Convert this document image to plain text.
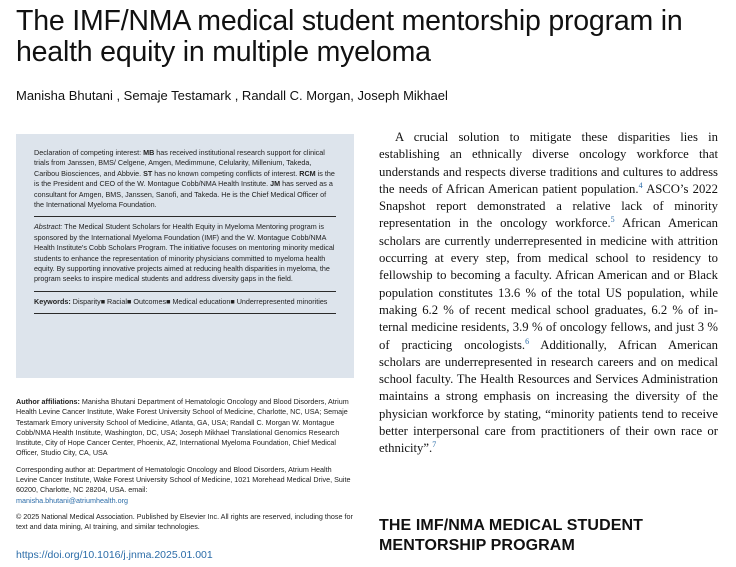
The IMF/NMA medical student mentorship program in health equity in multiple myeloma
Manisha Bhutani , Semaje Testamark , Randall C. Morgan, Joseph Mikhael

Declaration of competing interest: MB has received institutional research support for clinical trials from Janssen, BMS/ Celgene, Amgen, Medimmune, Celularity, Millenium, Takeda, Caribou Biosciences, and Abbvie. ST has no known competing conflicts of interest. RCM is the is the President and CEO of the W. Montague Cobb/NMA Health Institute. JM has served as a consultant for Amgen, BMS, Janssen, Sanofi, and Takeda. He is the Chief Medical Officer of the International Myeloma Foundation.

Abstract: The Medical Student Scholars for Health Equity in Myeloma Mentoring program is sponsored by the International Myeloma Foundation (IMF) and the W. Montague Cobb/NMA Health Institute's Cobb Scholars Program. The initiative focuses on mentoring minority medical students to enhance the representation of minority physicians committed to myeloma health equity. By supporting innovative projects aimed at reducing health disparities in myeloma, the program seeks to inspire medical students and address diversity gaps in the field.

Keywords: Disparity■ Racial■ Outcomes■ Medical education■ Underrepresented minorities

Author affiliations: Manisha Bhutani Department of Hematologic Oncology and Blood Disorders, Atrium Health Levine Cancer Institute, Wake Forest University School of Medicine, Charlotte, NC, USA; Semaje Testamark Emory university School of Medicine, Atlanta, GA, USA; Randall C. Morgan W. Montague Cobb/NMA Health Institute, Washington, DC, USA; Joseph Mikhael Translational Genomics Research Institute, City of Hope Cancer Center, Phoenix, AZ, International Myeloma Foundation, Chief Medical Officer, Studio City, CA, USA

Corresponding author at: Department of Hematologic Oncology and Blood Disorders, Atrium Health Levine Cancer Institute, Wake Forest University School of Medicine, 1021 Morehead Medical Drive, Suite 60200, Charlotte, NC 28204, USA. email:
manisha.bhutani@atriumhealth.org

© 2025 National Medical Association. Published by Elsevier Inc. All rights are reserved, including those for text and data mining, AI training, and similar technologies.

https://doi.org/10.1016/j.jnma.2025.01.001

A crucial solution to mitigate these disparities lies in establishing an ethnically diverse oncology workforce that understands and respects diverse traditions and cultures to address the needs of African American patient population.$^4$ ASCO’s 2022 Snapshot report demonstrated a relative lack of minority representation in the oncology workforce.$^5$ African American scholars are currently underrepresented in medicine with attrition occurring at every step, from medical school to residency to fellowship to becoming a faculty. African American and or Black population constitutes 13.6 % of the total US population, while making 6.2 % of recent medical school graduates, 6.2 % of internal medicine residents, 3.9 % of oncology fellows, and just 3 % of practicing oncologists.$^6$ Additionally, African American scholars are underrepresented in research careers and on medical school faculty. The Health Resources and Services Administration maintains a strong emphasis on increasing the diversity of the physician workforce by stating, “minority patients tend to receive better interpersonal care from practitioners of their own race or ethnicity”.$^7$

THE IMF/NMA MEDICAL STUDENT MENTORSHIP PROGRAM
